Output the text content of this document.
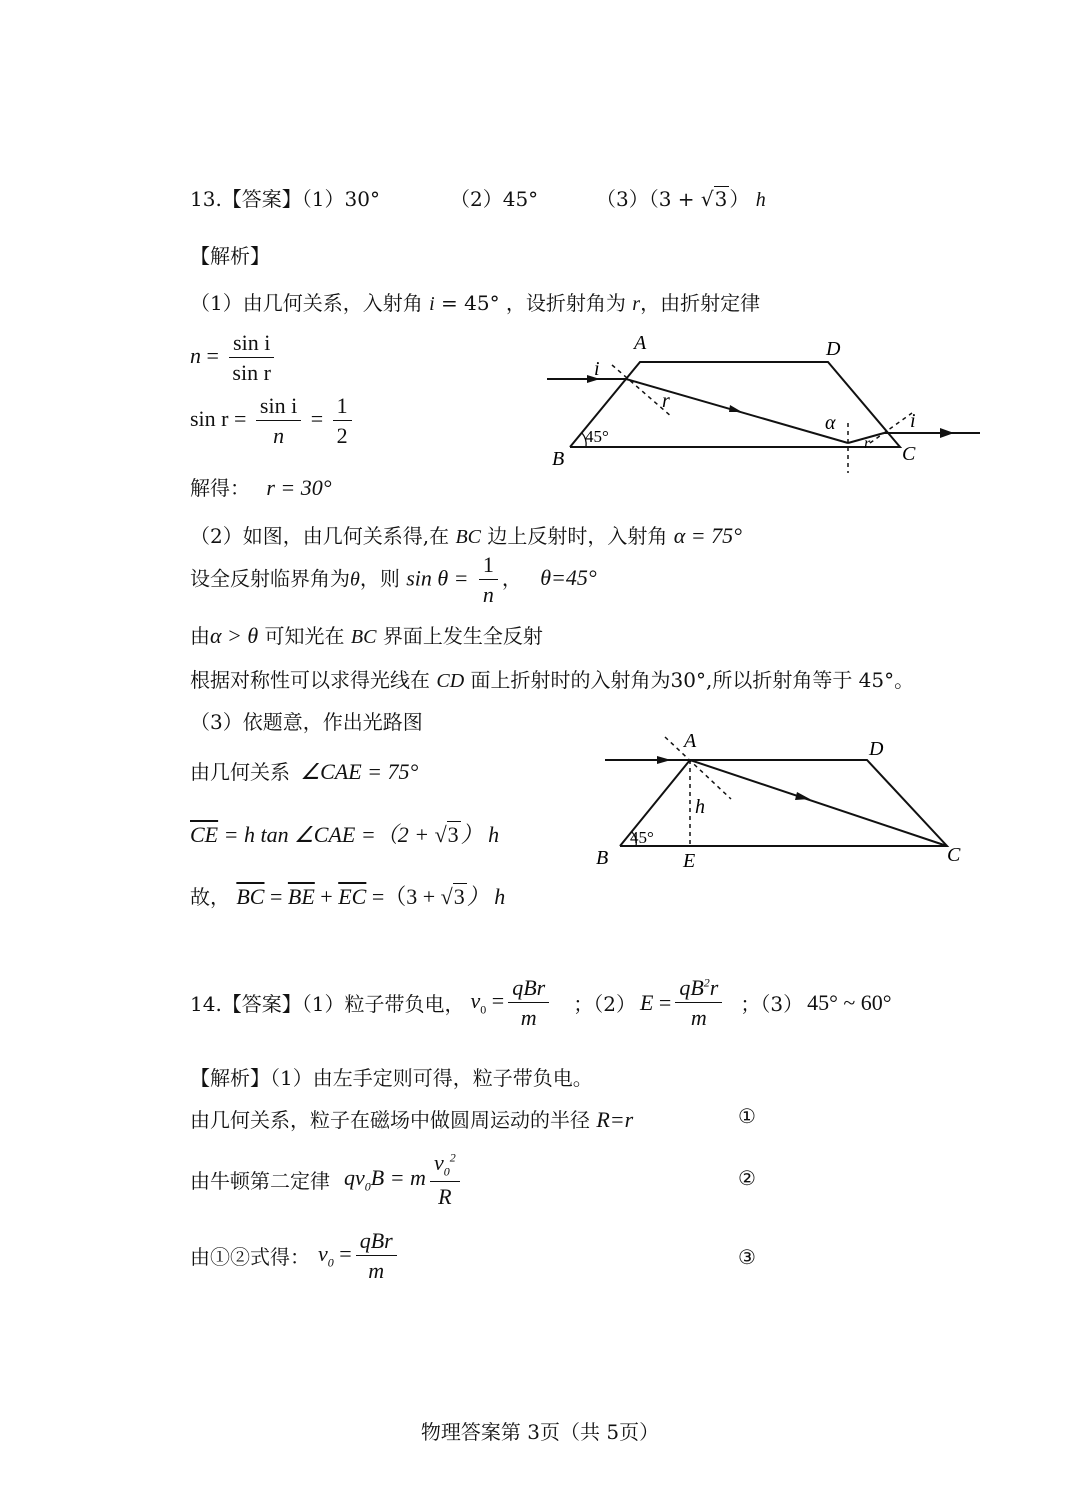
13.【答案】（1）30°	（2）45°	（3）（3 + √3 ） h
【解析】
（1）由几何关系，入射角 i = 45° ，设折射角为 r，由折射定律
$n = \frac{\text{sin i}}{\text{sin r}}$
$\sin r = \frac{\text{sin i}}{n} = \frac{1}{2}$
解得： r = 30°
A	D
B	C
i
r
α
r
i
45°
（2）如图，由几何关系得,在 BC 边上反射时，入射角 α = 75°
设全反射临界角为θ，则 $\sin \theta = \frac{1}{n}$ ， θ=45°
由α > θ 可知光在 BC 界面上发生全反射
根据对称性可以求得光线在 CD 面上折射时的入射角为30°,所以折射角等于 45°。
（3）依题意，作出光路图
由几何关系 ∠CAE = 75°
$\overline{CE} = h$ tan ∠CAE =（2 + √3） h
故， $\overline{BC} = \overline{BE} + \overline{EC} =(3 + √3)$ h
A	D
B	C
E
h
45°
14.【答案】（1）粒子带负电， $v_0 = \frac{\text{qBr}}{m}$ ；（2） $E = \frac{qB^2r}{m}$ ；（3） 45° ~ 60°
【解析】（1）由左手定则可得，粒子带负电。
由几何关系，粒子在磁场中做圆周运动的半径 R=r	①
由牛顿第二定律 $qv_0B = m \frac{v_0^2}{R}$	②
由①②式得： $v_0 = \frac{\text{qBr}}{m}$	③
物理答案第 3页（共 5页）
